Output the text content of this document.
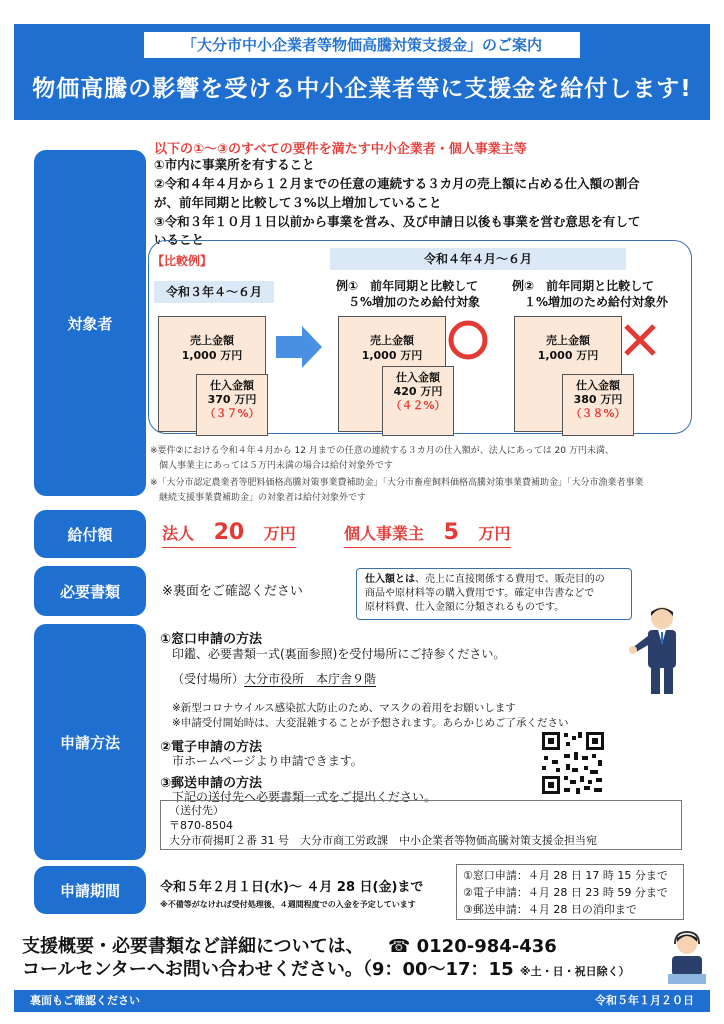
「大分市中小企業者等物価高騰対策支援金」のご案内
物価高騰の影響を受ける中小企業者等に支援金を給付します!
対象者
給付額
必要書類
申請方法
申請期間
以下の①～③のすべての要件を満たす中小企業者・個人事業主等
①市内に事業所を有すること
②令和４年４月から１２月までの任意の連続する３カ月の売上額に占める仕入額の割合
が、前年同期と比較して３%以上増加していること
③令和３年１０月１日以前から事業を営み、及び申請日以後も事業を営む意思を有して
いること
【比較例】
令和３年４～６月
令和４年４月～６月
売上金額
1,000 万円
仕入金額
370 万円
（３７%）
例①　前年同期と比較して
５%増加のため給付対象
売上金額
1,000 万円
仕入金額
420 万円
（４２%）
例②　前年同期と比較して
１%増加のため給付対象外
売上金額
1,000 万円
仕入金額
380 万円
（３８%）
※要件②における令和４年４月から 12 月までの任意の連続する３カ月の仕入額が、法人にあっては 20 万円未満、
　個人事業主にあっては５万円未満の場合は給付対象外です
※「大分市認定農業者等肥料価格高騰対策事業費補助金」「大分市畜産飼料価格高騰対策事業費補助金」「大分市漁業者事業
　継続支援事業費補助金」の対象者は給付対象外です
法人 20 万円	個人事業主 5 万円
※裏面をご確認ください
仕入額とは、売上に直接関係する費用で、販売目的の
商品や原材料等の購入費用です。確定申告書などで
原材料費、仕入金額に分類されるものです。
①窓口申請の方法
印鑑、必要書類一式(裏面参照)を受付場所にご持参ください。
（受付場所）大分市役所　本庁舎９階
※新型コロナウイルス感染拡大防止のため、マスクの着用をお願いします
※申請受付開始時は、大変混雑することが予想されます。あらかじめご了承ください
②電子申請の方法
市ホームページより申請できます。
③郵送申請の方法
下記の送付先へ必要書類一式をご提出ください。
（送付先）
〒870-8504
大分市荷揚町２番 31 号　大分市商工労政課　中小企業者等物価高騰対策支援金担当宛
令和５年２月１日(水)～ ４月 28 日(金)まで
※不備等がなければ受付処理後、４週間程度での入金を予定しています
①窓口申請：４月 28 日 17 時 15 分まで
②電子申請：４月 28 日 23 時 59 分まで
③郵送申請：４月 28 日の消印まで
支援概要・必要書類など詳細については、 ☎ 0120-984-436
コールセンターへお問い合わせください。（9：00～17：15 ※土・日・祝日除く）
裏面もご確認ください	令和５年１月２０日
